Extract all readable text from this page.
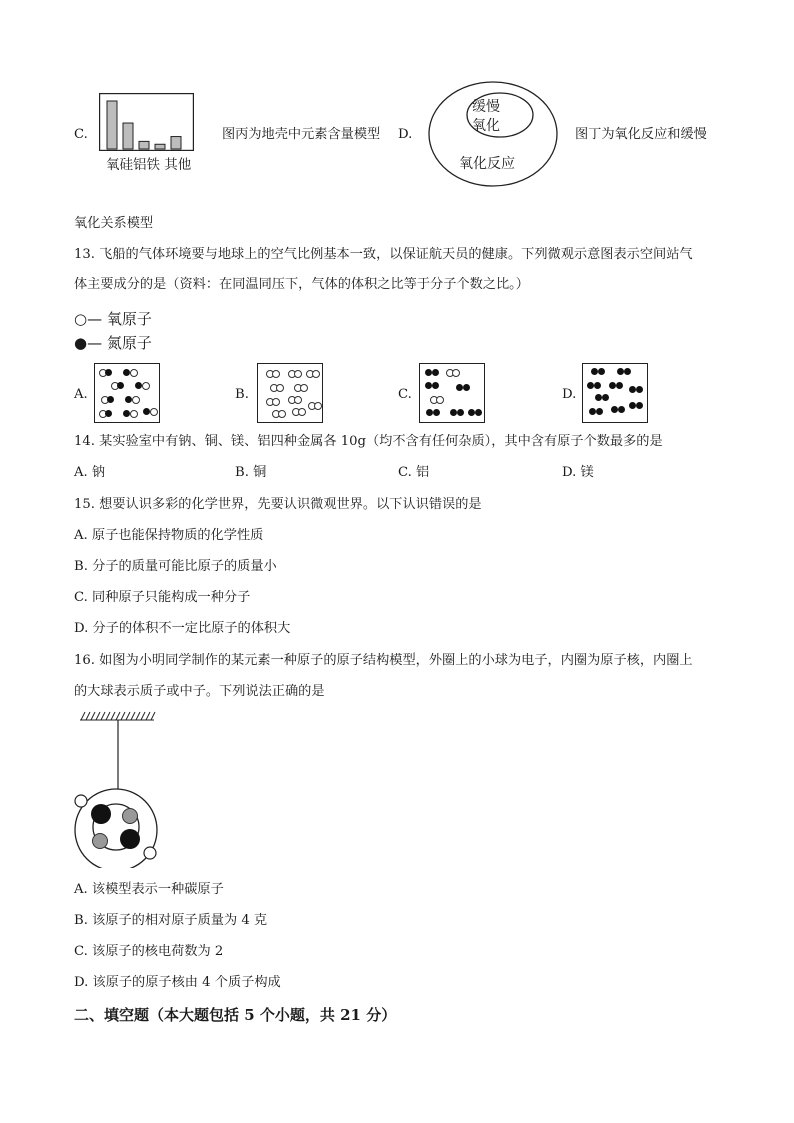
C.
氧硅铝铁 其他
图丙为地壳中元素含量模型 D.
缓慢
氧化
氧化反应
图丁为氧化反应和缓慢
氧化关系模型
13. 飞船的气体环境要与地球上的空气比例基本一致，以保证航天员的健康。下列微观示意图表示空间站气
体主要成分的是（资料：在同温同压下，气体的体积之比等于分子个数之比。）
○— 氧原子
●— 氮原子
A.	B.	C.	D.
14. 某实验室中有钠、铜、镁、铝四种金属各 10g（均不含有任何杂质），其中含有原子个数最多的是
A. 钠	B. 铜	C. 铝	D. 镁
15. 想要认识多彩的化学世界，先要认识微观世界。以下认识错误的是
A. 原子也能保持物质的化学性质
B. 分子的质量可能比原子的质量小
C. 同种原子只能构成一种分子
D. 分子的体积不一定比原子的体积大
16. 如图为小明同学制作的某元素一种原子的原子结构模型，外圈上的小球为电子，内圈为原子核，内圈上
的大球表示质子或中子。下列说法正确的是
A. 该模型表示一种碳原子
B. 该原子的相对原子质量为 4 克
C. 该原子的核电荷数为 2
D. 该原子的原子核由 4 个质子构成
二、填空题（本大题包括 5 个小题，共 21 分）
